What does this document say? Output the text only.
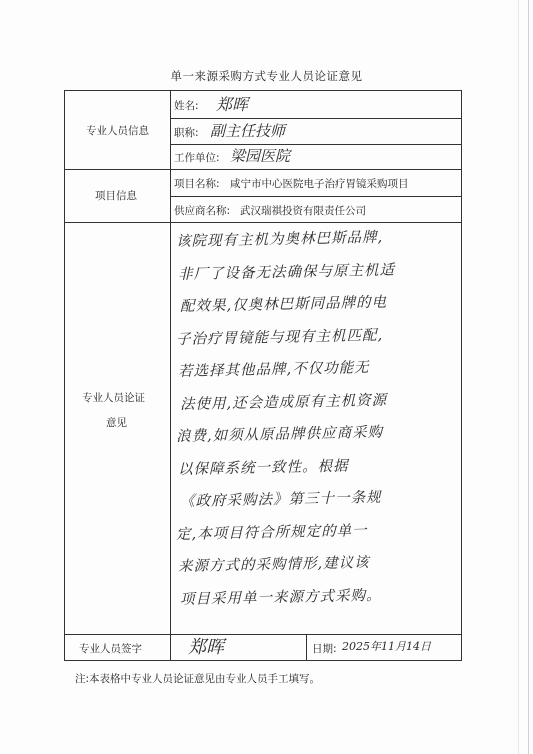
单一来源采购方式专业人员论证意见
专业人员信息
姓名: 郑晖
职称: 副主任技师
工作单位: 梁园医院
项目信息
项目名称: 咸宁市中心医院电子治疗胃镜采购项目
供应商名称: 武汉瑞祺投资有限责任公司
专业人员论证
意见
该院现有主机为奥林巴斯品牌,
非厂了设备无法确保与原主机适
配效果,仅奥林巴斯同品牌的电
子治疗胃镜能与现有主机匹配,
若选择其他品牌,不仅功能无
法使用,还会造成原有主机资源
浪费,如须从原品牌供应商采购
以保障系统一致性。根据
《政府采购法》第三十一条规
定,本项目符合所规定的单一
来源方式的采购情形,建议该
项目采用单一来源方式采购。
专业人员签字	郑晖	日期: 2025年11月14日
注:本表格中专业人员论证意见由专业人员手工填写。
